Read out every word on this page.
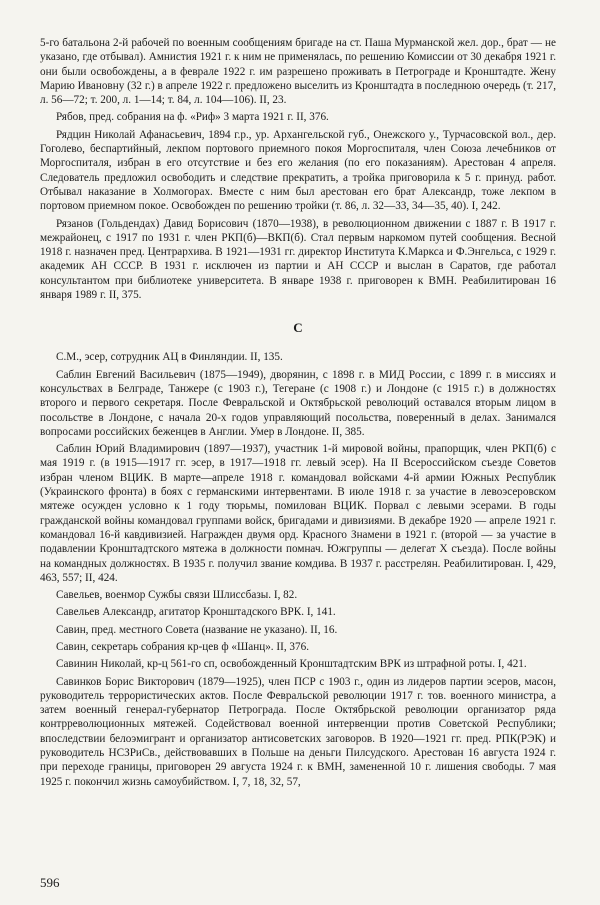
5-го батальона 2-й рабочей по военным сообщениям бригаде на ст. Паша Мурманской жел. дор., брат — не указано, где отбывал). Амнистия 1921 г. к ним не применялась, по решению Комиссии от 30 декабря 1921 г. они были освобождены, а в феврале 1922 г. им разрешено проживать в Петрограде и Кронштадте. Жену Марию Ивановну (32 г.) в апреле 1922 г. предложено выселить из Кронштадта в последнюю очередь (т. 217, л. 56—72; т. 200, л. 1—14; т. 84, л. 104—106). II, 23.

Рябов, пред. собрания на ф. «Риф» 3 марта 1921 г. II, 376.

Рядцин Николай Афанасьевич, 1894 г.р., ур. Архангельской губ., Онежского у., Турчасовской вол., дер. Гоголево, беспартийный, лекпом портового приемного покоя Моргоспиталя, член Союза лечебников от Моргоспиталя, избран в его отсутствие и без его желания (по его показаниям). Арестован 4 апреля. Следователь предложил освободить и следствие прекратить, а тройка приговорила к 5 г. принуд. работ. Отбывал наказание в Холмогорах. Вместе с ним был арестован его брат Александр, тоже лекпом в портовом приемном покое. Освобожден по решению тройки (т. 86, л. 32—33, 34—35, 40). I, 242.

Рязанов (Гольдендах) Давид Борисович (1870—1938), в революционном движении с 1887 г. В 1917 г. межрайонец, с 1917 по 1931 г. член РКП(б)—ВКП(б). Стал первым наркомом путей сообщения. Весной 1918 г. назначен пред. Центрархива. В 1921—1931 гг. директор Института К.Маркса и Ф.Энгельса, с 1929 г. академик АН СССР. В 1931 г. исключен из партии и АН СССР и выслан в Саратов, где работал консультантом при библиотеке университета. В январе 1938 г. приговорен к ВМН. Реабилитирован 16 января 1989 г. II, 375.

С

С.М., эсер, сотрудник АЦ в Финляндии. II, 135.

Саблин Евгений Васильевич (1875—1949), дворянин, с 1898 г. в МИД России, с 1899 г. в миссиях и консульствах в Белграде, Танжере (с 1903 г.), Тегеране (с 1908 г.) и Лондоне (с 1915 г.) в должностях второго и первого секретаря. После Февральской и Октябрьской революций оставался вторым лицом в посольстве в Лондоне, с начала 20-х годов управляющий посольства, поверенный в делах. Занимался вопросами российских беженцев в Англии. Умер в Лондоне. II, 385.

Саблин Юрий Владимирович (1897—1937), участник 1-й мировой войны, прапорщик, член РКП(б) с мая 1919 г. (в 1915—1917 гг. эсер, в 1917—1918 гг. левый эсер). На II Всероссийском съезде Советов избран членом ВЦИК. В марте—апреле 1918 г. командовал войсками 4-й армии Южных Республик (Украинского фронта) в боях с германскими интервентами. В июле 1918 г. за участие в левоэсеровском мятеже осужден условно к 1 году тюрьмы, помилован ВЦИК. Порвал с левыми эсерами. В годы гражданской войны командовал группами войск, бригадами и дивизиями. В декабре 1920 — апреле 1921 г. командовал 16-й кавдивизией. Награжден двумя орд. Красного Знамени в 1921 г. (второй — за участие в подавлении Кронштадтского мятежа в должности помнач. Южгруппы — делегат X съезда). После войны на командных должностях. В 1935 г. получил звание комдива. В 1937 г. расстрелян. Реабилитирован. I, 429, 463, 557; II, 424.

Савельев, военмор Сужбы связи Шлиссбазы. I, 82.

Савельев Александр, агитатор Кронштадского ВРК. I, 141.

Савин, пред. местного Совета (название не указано). II, 16.

Савин, секретарь собрания кр-цев ф «Шанц». II, 376.

Савинин Николай, кр-ц 561-го сп, освобожденный Кронштадтским ВРК из штрафной роты. I, 421.

Савинков Борис Викторович (1879—1925), член ПСР с 1903 г., один из лидеров партии эсеров, масон, руководитель террористических актов. После Февральской революции 1917 г. тов. военного министра, а затем военный генерал-губернатор Петрограда. После Октябрьской революции организатор ряда контрреволюционных мятежей. Содействовал военной интервенции против Советской Республики; впоследствии белоэмигрант и организатор антисоветских заговоров. В 1920—1921 гг. пред. РПК(РЭК) и руководитель НСЗРиСв., действовавших в Польше на деньги Пилсудского. Арестован 16 августа 1924 г. при переходе границы, приговорен 29 августа 1924 г. к ВМН, замененной 10 г. лишения свободы. 7 мая 1925 г. покончил жизнь самоубийством. I, 7, 18, 32, 57,

596
